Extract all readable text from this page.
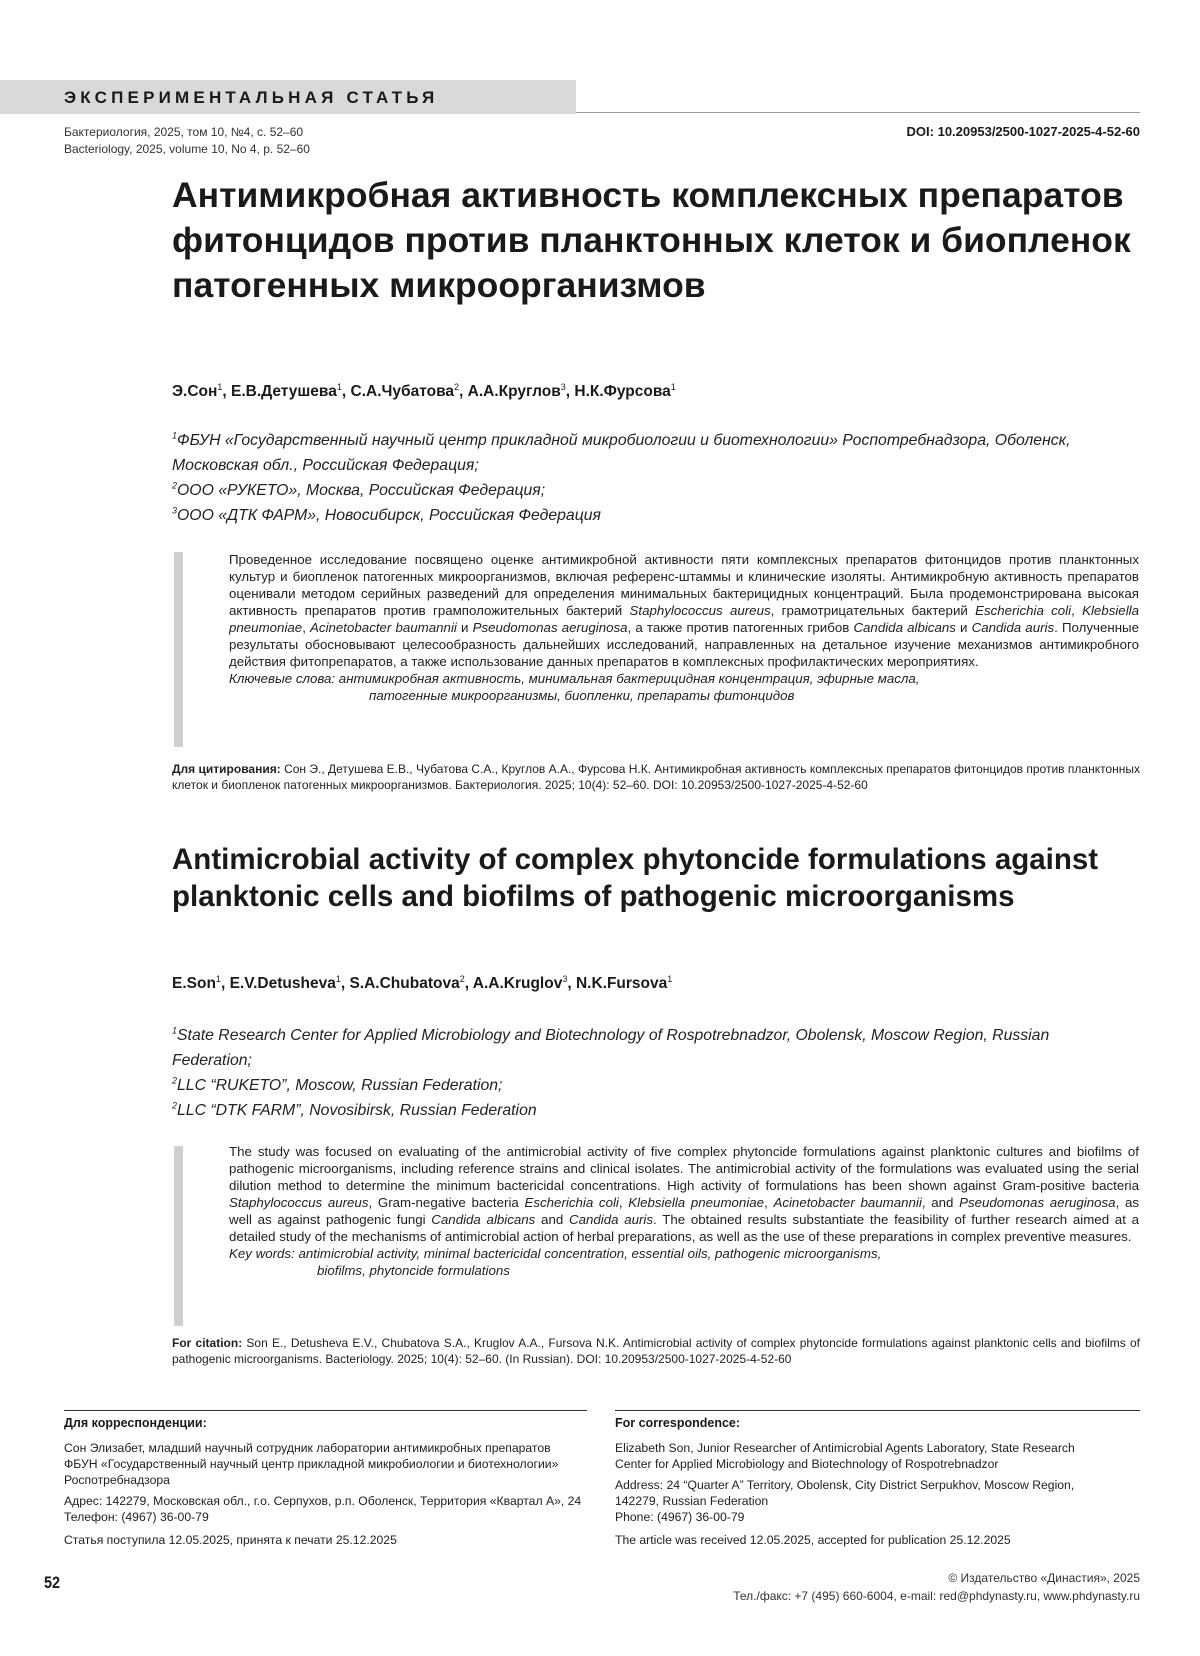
ЭКСПЕРИМЕНТАЛЬНАЯ СТАТЬЯ
Бактериология, 2025, том 10, №4, с. 52–60
Bacteriology, 2025, volume 10, No 4, p. 52–60
DOI: 10.20953/2500-1027-2025-4-52-60
Антимикробная активность комплексных препаратов фитонцидов против планктонных клеток и биопленок патогенных микроорганизмов
Э.Сон$^1$, Е.В.Детушева$^1$, С.А.Чубатова$^2$, А.А.Круглов$^3$, Н.К.Фурсова$^1$
$^1$ФБУН «Государственный научный центр прикладной микробиологии и биотехнологии» Роспотребнадзора, Оболенск, Московская обл., Российская Федерация;
$^2$ООО «РУКЕТО», Москва, Российская Федерация;
$^3$ООО «ДТК ФАРМ», Новосибирск, Российская Федерация
Проведенное исследование посвящено оценке антимикробной активности пяти комплексных препаратов фитонцидов против планктонных культур и биопленок патогенных микроорганизмов, включая референс-штаммы и клинические изоляты. Антимикробную активность препаратов оценивали методом серийных разведений для определения минимальных бактерицидных концентраций. Была продемонстрирована высокая активность препаратов против грамположительных бактерий Staphylococcus aureus, грамотрицательных бактерий Escherichia coli, Klebsiella pneumoniae, Acinetobacter baumannii и Pseudomonas aeruginosa, а также против патогенных грибов Candida albicans и Candida auris. Полученные результаты обосновывают целесообразность дальнейших исследований, направленных на детальное изучение механизмов антимикробного действия фитопрепаратов, а также использование данных препаратов в комплексных профилактических мероприятиях.
Ключевые слова: антимикробная активность, минимальная бактерицидная концентрация, эфирные масла,
патогенные микроорганизмы, биопленки, препараты фитонцидов
Для цитирования: Сон Э., Детушева Е.В., Чубатова С.А., Круглов А.А., Фурсова Н.К. Антимикробная активность комплексных препаратов фитонцидов против планктонных клеток и биопленок патогенных микроорганизмов. Бактериология. 2025; 10(4): 52–60. DOI: 10.20953/2500-1027-2025-4-52-60
Antimicrobial activity of complex phytoncide formulations against planktonic cells and biofilms of pathogenic microorganisms
E.Son$^1$, E.V.Detusheva$^1$, S.A.Chubatova$^2$, A.A.Kruglov$^3$, N.K.Fursova$^1$
$^1$State Research Center for Applied Microbiology and Biotechnology of Rospotrebnadzor, Obolensk, Moscow Region, Russian Federation;
$^2$LLC “RUKETO”, Moscow, Russian Federation;
$^2$LLC “DTK FARM”, Novosibirsk, Russian Federation
The study was focused on evaluating of the antimicrobial activity of five complex phytoncide formulations against planktonic cultures and biofilms of pathogenic microorganisms, including reference strains and clinical isolates. The antimicrobial activity of the formulations was evaluated using the serial dilution method to determine the minimum bactericidal concentrations. High activity of formulations has been shown against Gram-positive bacteria Staphylococcus aureus, Gram-negative bacteria Escherichia coli, Klebsiella pneumoniae, Acinetobacter baumannii, and Pseudomonas aeruginosa, as well as against pathogenic fungi Candida albicans and Candida auris. The obtained results substantiate the feasibility of further research aimed at a detailed study of the mechanisms of antimicrobial action of herbal preparations, as well as the use of these preparations in complex preventive measures.
Key words: antimicrobial activity, minimal bactericidal concentration, essential oils, pathogenic microorganisms,
biofilms, phytoncide formulations
For citation: Son E., Detusheva E.V., Chubatova S.A., Kruglov A.A., Fursova N.K. Antimicrobial activity of complex phytoncide formulations against planktonic cells and biofilms of pathogenic microorganisms. Bacteriology. 2025; 10(4): 52–60. (In Russian). DOI: 10.20953/2500-1027-2025-4-52-60
Для корреспонденции:
Сон Элизабет, младший научный сотрудник лаборатории антимикробных препаратов ФБУН «Государственный научный центр прикладной микробиологии и биотехнологии» Роспотребнадзора
Адрес: 142279, Московская обл., г.о. Серпухов, р.п. Оболенск, Территория «Квартал А», 24
Телефон: (4967) 36-00-79
Статья поступила 12.05.2025, принята к печати 25.12.2025
For correspondence:
Elizabeth Son, Junior Researcher of Antimicrobial Agents Laboratory, State Research Center for Applied Microbiology and Biotechnology of Rospotrebnadzor
Address: 24 “Quarter A” Territory, Obolensk, City District Serpukhov, Moscow Region, 142279, Russian Federation
Phone: (4967) 36-00-79
The article was received 12.05.2025, accepted for publication 25.12.2025
52	© Издательство «Династия», 2025
Тел./факс: +7 (495) 660-6004, e-mail: red@phdynasty.ru, www.phdynasty.ru
